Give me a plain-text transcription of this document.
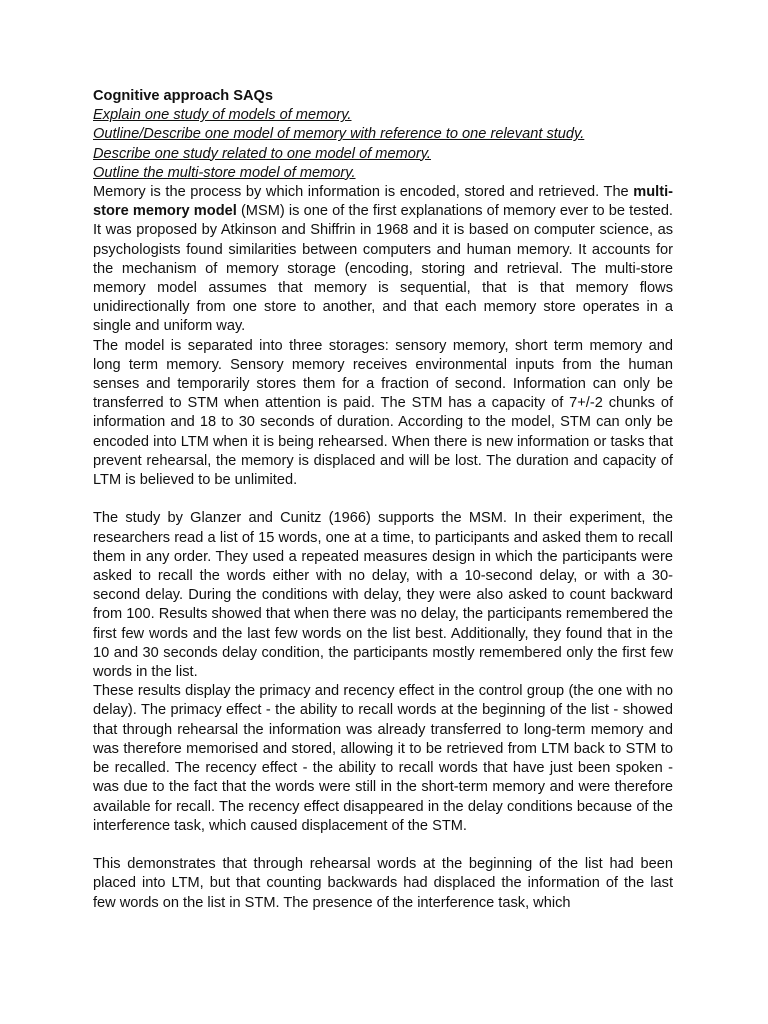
Cognitive approach SAQs

Explain one study of models of memory.

Outline/Describe one model of memory with reference to one relevant study.

Describe one study related to one model of memory.

Outline the multi-store model of memory.

Memory is the process by which information is encoded, stored and retrieved. The multi-store memory model (MSM) is one of the first explanations of memory ever to be tested. It was proposed by Atkinson and Shiffrin in 1968 and it is based on computer science, as psychologists found similarities between computers and human memory. It accounts for the mechanism of memory storage (encoding, storing and retrieval. The multi-store memory model assumes that memory is sequential, that is that memory flows unidirectionally from one store to another, and that each memory store operates in a single and uniform way.

The model is separated into three storages: sensory memory, short term memory and long term memory. Sensory memory receives environmental inputs from the human senses and temporarily stores them for a fraction of second. Information can only be transferred to STM when attention is paid. The STM has a capacity of 7+/-2 chunks of information and 18 to 30 seconds of duration. According to the model, STM can only be encoded into LTM when it is being rehearsed. When there is new information or tasks that prevent rehearsal, the memory is displaced and will be lost. The duration and capacity of LTM is believed to be unlimited.

The study by Glanzer and Cunitz (1966) supports the MSM. In their experiment, the researchers read a list of 15 words, one at a time, to participants and asked them to recall them in any order. They used a repeated measures design in which the participants were asked to recall the words either with no delay, with a 10-second delay, or with a 30-second delay. During the conditions with delay, they were also asked to count backward from 100. Results showed that when there was no delay, the participants remembered the first few words and the last few words on the list best. Additionally, they found that in the 10 and 30 seconds delay condition, the participants mostly remembered only the first few words in the list.

These results display the primacy and recency effect in the control group (the one with no delay). The primacy effect - the ability to recall words at the beginning of the list - showed that through rehearsal the information was already transferred to long-term memory and was therefore memorised and stored, allowing it to be retrieved from LTM back to STM to be recalled. The recency effect - the ability to recall words that have just been spoken - was due to the fact that the words were still in the short-term memory and were therefore available for recall. The recency effect disappeared in the delay conditions because of the interference task, which caused displacement of the STM.

This demonstrates that through rehearsal words at the beginning of the list had been placed into LTM, but that counting backwards had displaced the information of the last few words on the list in STM. The presence of the interference task, which
